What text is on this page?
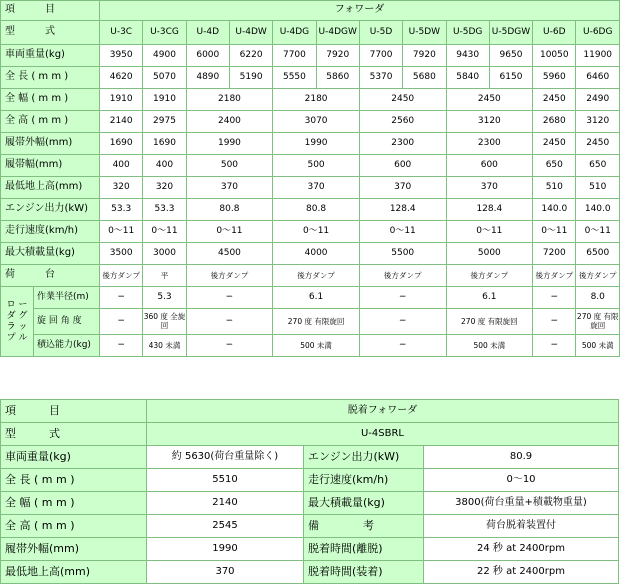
項　　　目		フォワーダ											
型　　　式		U-3C	U-3CG	U-4D	U-4DW	U-4DG	U-4DGW	U-5D	U-5DW	U-5DG	U-5DGW	U-6D	U-6DG
車両重量(kg)		3950	4900	6000	6220	7700	7920	7700	7920	9430	9650	10050	11900
全 長 ( m m )		4620	5070	4890	5190	5550	5860	5370	5680	5840	6150	5960	6460
全 幅 ( m m )		1910	1910	2180		2180		2450		2450		2450	2490
全 高 ( m m )		2140	2975	2400		3070		2560		3120		2680	3120
履帯外幅(mm)		1690	1690	1990		1990		2300		2300		2450	2450
履帯幅(mm)		400	400	500		500		600		600		650	650
最低地上高(mm)		320	320	370		370		370		370		510	510
エンジン出力(kW)		53.3	53.3	80.8		80.8		128.4		128.4		140.0	140.0
走行速度(km/h)		0〜11	0〜11	0〜11		0〜11		0〜11		0〜11		0〜11	0〜11
最大積載量(kg)		3500	3000	4500		4000		5500		5000		7200	6500
荷　　　台		後方ダンプ	平	後方ダンプ		後方ダンプ		後方ダンプ		後方ダンプ		後方ダンプ	後方ダンプ
ロ ー ダ グ ラ ッ プ ル	作業半径(m)	−	5.3	−		6.1		−		6.1		−	8.0
	旋 回 角 度	−	360 度 全旋回	−		270 度 有限旋回		−		270 度 有限旋回		−	270 度 有限旋回
	積込能力(kg)	−	430 未満	−		500 未満		−		500 未満		−	500 未満
項　　　目	脱着フォワーダ		
型　　　式	U-4SBRL		
車両重量(kg)	約 5630(荷台重量除く)	エンジン出力(kW)	80.9
全 長 ( m m )	5510	走行速度(km/h)	0〜10
全 幅 ( m m )	2140	最大積載量(kg)	3800(荷台重量+積載物重量)
全 高 ( m m )	2545	備　　　　考	荷台脱着装置付
履帯外幅(mm)	1990	脱着時間(離脱)	24 秒 at 2400rpm
最低地上高(mm)	370	脱着時間(装着)	22 秒 at 2400rpm
